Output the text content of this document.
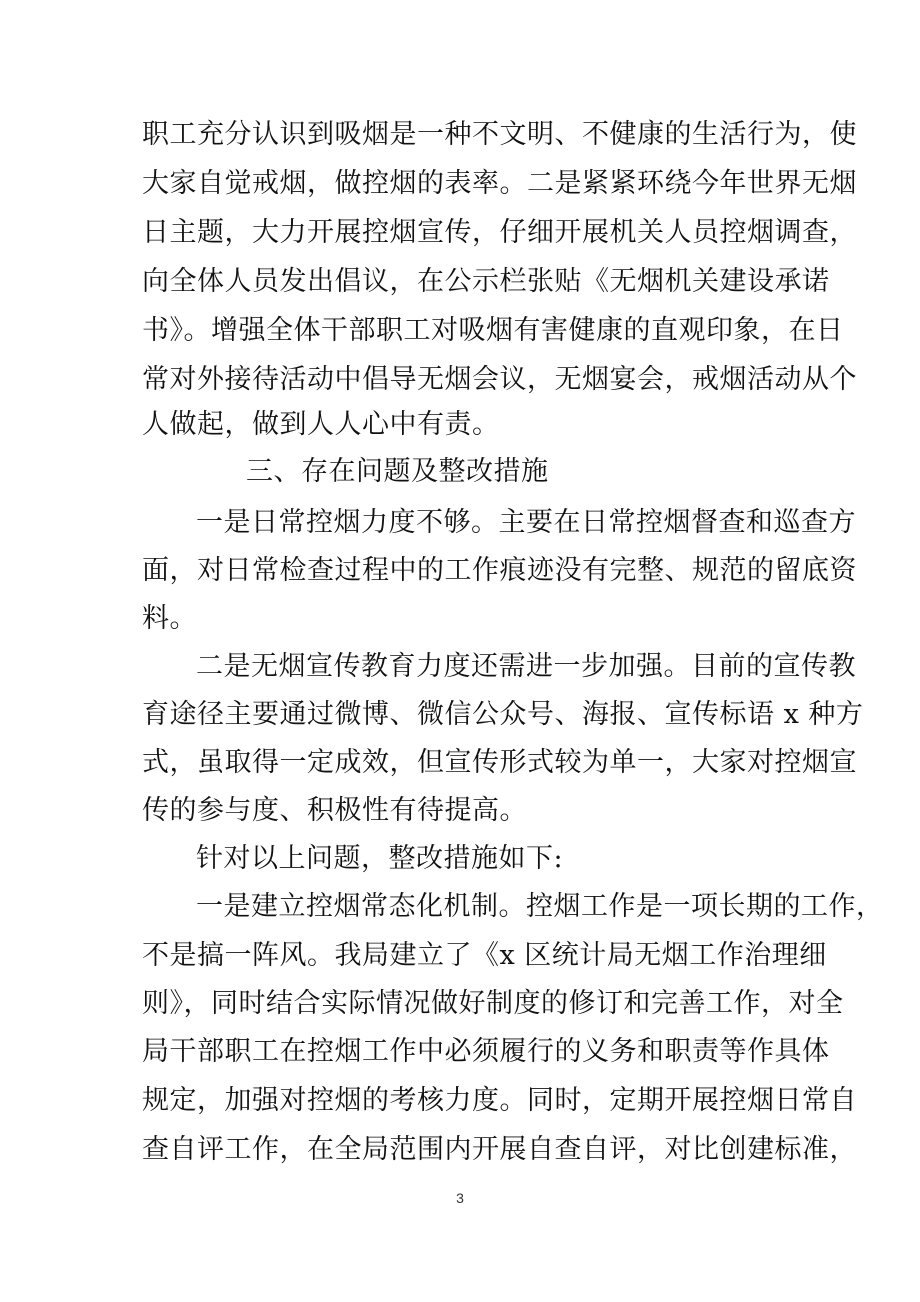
职工充分认识到吸烟是一种不文明、不健康的生活行为，使
大家自觉戒烟，做控烟的表率。二是紧紧环绕今年世界无烟
日主题，大力开展控烟宣传，仔细开展机关人员控烟调查，
向全体人员发出倡议，在公示栏张贴《无烟机关建设承诺
书》。增强全体干部职工对吸烟有害健康的直观印象，在日
常对外接待活动中倡导无烟会议，无烟宴会，戒烟活动从个
人做起，做到人人心中有责。
三、存在问题及整改措施
一是日常控烟力度不够。主要在日常控烟督查和巡查方
面，对日常检查过程中的工作痕迹没有完整、规范的留底资
料。
二是无烟宣传教育力度还需进一步加强。目前的宣传教
育途径主要通过微博、微信公众号、海报、宣传标语 x 种方
式，虽取得一定成效，但宣传形式较为单一，大家对控烟宣
传的参与度、积极性有待提高。
针对以上问题，整改措施如下:
一是建立控烟常态化机制。控烟工作是一项长期的工作，
不是搞一阵风。我局建立了《x 区统计局无烟工作治理细
则》，同时结合实际情况做好制度的修订和完善工作，对全
局干部职工在控烟工作中必须履行的义务和职责等作具体
规定，加强对控烟的考核力度。同时，定期开展控烟日常自
查自评工作，在全局范围内开展自查自评，对比创建标准，
3
